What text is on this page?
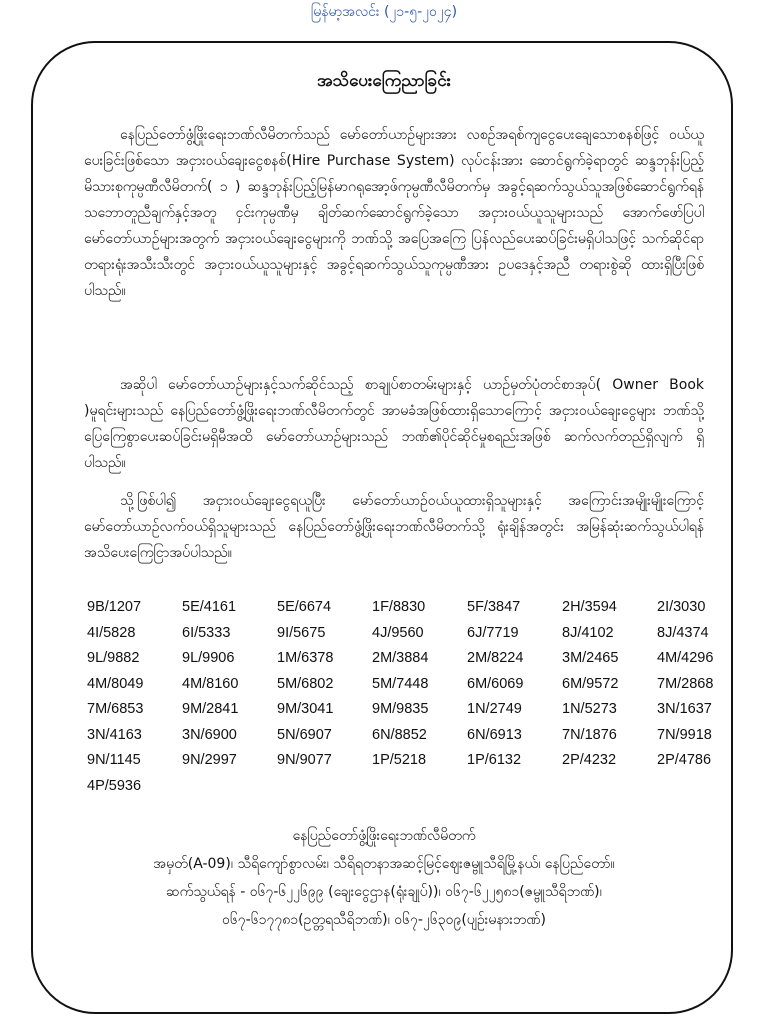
မြန်မာ့အလင်း (၂၁-၅-၂၀၂၄)
အသိပေးကြေညာခြင်း
နေပြည်တော်ဖွံ့ဖြိုးရေးဘဏ်လီမိတက်သည် မော်တော်ယာဉ်များအား လစဉ်အရစ်ကျငွေပေးချေသောစနစ်ဖြင့် ဝယ်ယူပေးခြင်းဖြစ်သော အငှားဝယ်ချေးငွေစနစ်(Hire Purchase System) လုပ်ငန်းအား ဆောင်ရွက်ခဲ့ရာတွင် ဆန္ဒဘုန်းပြည့်မိသားစုကုမ္ပဏီလီမိတက်( ၁ ) ဆန္ဒဘုန်းပြည့်မြန်မာဂရုအော့ဖ်ကုမ္ပဏီလီမိတက်မှ အခွင့်ရဆက်သွယ်သူအဖြစ်ဆောင်ရွက်ရန် သဘောတူညီချက်နှင့်အတူ ငှင်းကုမ္ပဏီမှ ချိတ်ဆက်ဆောင်ရွက်ခဲ့သော အငှားဝယ်ယူသူများသည် အောက်ဖော်ပြပါမော်တော်ယာဉ်များအတွက် အငှားဝယ်ချေးငွေများကို ဘဏ်သို့ အပြေအကြေ ပြန်လည်ပေးဆပ်ခြင်းမရှိပါသဖြင့် သက်ဆိုင်ရာတရားရုံးအသီးသီးတွင် အငှားဝယ်ယူသူများနှင့် အခွင့်ရဆက်သွယ်သူကုမ္ပဏီအား ဥပဒေနှင့်အညီ တရားစွဲဆို ထားရှိပြီးဖြစ်ပါသည်။
အဆိုပါ မော်တော်ယာဉ်များနှင့်သက်ဆိုင်သည့် စာချုပ်စာတမ်းများနှင့် ယာဉ်မှတ်ပုံတင်စာအုပ်( Owner Book )မူရင်းများသည် နေပြည်တော်ဖွံ့ဖြိုးရေးဘဏ်လီမိတက်တွင် အာမခံအဖြစ်ထားရှိသောကြောင့် အငှားဝယ်ချေးငွေများ ဘဏ်သို့ ပြေကြေစွာပေးဆပ်ခြင်းမရှိမီအထိ မော်တော်ယာဉ်များသည် ဘဏ်၏ပိုင်ဆိုင်မှုစရည်းအဖြစ် ဆက်လက်တည်ရှိလျက် ရှိပါသည်။
သို့ဖြစ်ပါ၍ အငှားဝယ်ချေးငွေရယူပြီး မော်တော်ယာဉ်ဝယ်ယူထားရှိသူများနှင့် အကြောင်းအမျိုးမျိုးကြောင့် မော်တော်ယာဉ်လက်ဝယ်ရှိသူများသည် နေပြည်တော်ဖွံ့ဖြိုးရေးဘဏ်လီမိတက်သို့ ရုံးချိန်အတွင်း အမြန်ဆုံးဆက်သွယ်ပါရန် အသိပေးကြေငြာအပ်ပါသည်။
9B/1207	5E/4161	5E/6674	1F/8830	5F/3847	2H/3594	2I/3030
4I/5828	6I/5333	9I/5675	4J/9560	6J/7719	8J/4102	8J/4374
9L/9882	9L/9906	1M/6378	2M/3884	2M/8224	3M/2465	4M/4296
4M/8049	4M/8160	5M/6802	5M/7448	6M/6069	6M/9572	7M/2868
7M/6853	9M/2841	9M/3041	9M/9835	1N/2749	1N/5273	3N/1637
3N/4163	3N/6900	5N/6907	6N/8852	6N/6913	7N/1876	7N/9918
9N/1145	9N/2997	9N/9077	1P/5218	1P/6132	2P/4232	2P/4786
4P/5936
နေပြည်တော်ဖွံ့ဖြိုးရေးဘဏ်လီမိတက်
အမှတ်(A-09)၊ သီရိကျော်စွာလမ်း၊ သီရိရတနာအဆင့်မြင့်ဈေးဇမ္ဗူသီရိမြို့နယ်၊ နေပြည်တော်။
ဆက်သွယ်ရန် - ၀၆၇-၆၂၂၆၉၉ (ချေးငွေဌာန(ရုံးချုပ်))၊ ၀၆၇-၆၂၂၅၈၁(ဇမ္ဗူသီရိဘဏ်)၊
၀၆၇-၆၁၇၇၈၁(ဥတ္တရသီရိဘဏ်)၊ ၀၆၇-၂၆၃၀၉(ပျဉ်းမနားဘဏ်)
